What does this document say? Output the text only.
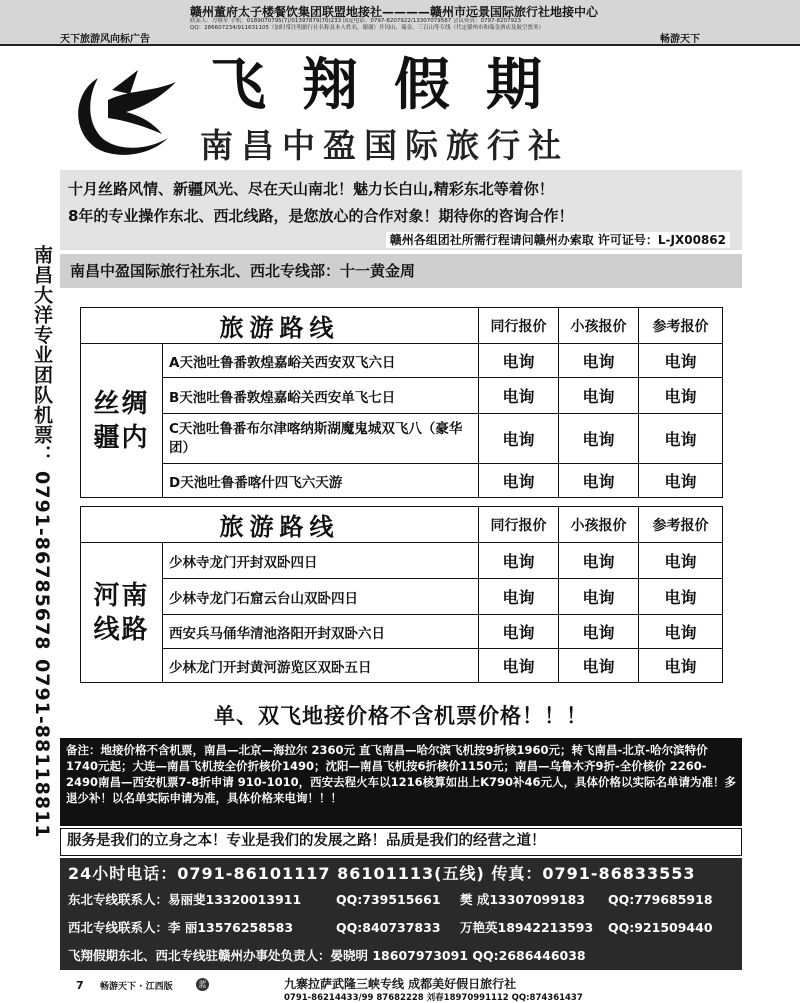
赣州董府太子楼餐饮集团联盟地接社————赣州市远景国际旅行社地接中心
联系人：方继军 手机：0189070795(7)/01397879(70)233 国定电话：0797-8207922/13307079587 会议传真：0797-8207923
QQ：286607234/911631105（加时常注明旅行社名称及本人姓名，谢谢）井冈山、瑞金、三百山等专线（代定赣州市和瑞金酒店及航空票务）
天下旅游风向标广告	畅游天下
南昌大洋专业团队机票：
0791-86785678
0791-88118811
飞翔假期
南昌中盈国际旅行社

十月丝路风情、新疆风光、尽在天山南北！魅力长白山,精彩东北等着你！

8年的专业操作东北、西北线路，是您放心的合作对象！期待你的咨询合作！

赣州各组团社所需行程请问赣州办索取 许可证号：L-JX00862
南昌中盈国际旅行社东北、西北专线部：十一黄金周
旅游路线		同行报价	小孩报价	参考报价
丝绸疆内	A天池吐鲁番敦煌嘉峪关西安双飞六日	电询	电询	电询
	B天池吐鲁番敦煌嘉峪关西安单飞七日	电询	电询	电询
	C天池吐鲁番布尔津喀纳斯湖魔鬼城双飞八（豪华团）	电询	电询	电询
	D天池吐鲁番喀什四飞六天游	电询	电询	电询
旅游路线		同行报价	小孩报价	参考报价
河南线路	少林寺龙门开封双卧四日	电询	电询	电询
	少林寺龙门石窟云台山双卧四日	电询	电询	电询
	西安兵马俑华清池洛阳开封双卧六日	电询	电询	电询
	少林龙门开封黄河游览区双卧五日	电询	电询	电询
单、双飞地接价格不含机票价格！！！
备注：地接价格不含机票，南昌—北京—海拉尔 2360元 直飞南昌—哈尔滨飞机按9折核1960元；转飞南昌-北京-哈尔滨特价1740元起；大连—南昌飞机按全价折核价1490；沈阳—南昌飞机按6折核价1150元；南昌—乌鲁木齐9折-全价核价 2260-2490南昌—西安机票7-8折申请 910-1010，西安去程火车以1216核算如出上K790补46元人，具体价格以实际名单请为准！多退少补！以名单实际申请为准，具体价格来电询！！！
服务是我们的立身之本！专业是我们的发展之路！品质是我们的经营之道！
24小时电话：0791-86101117 86101113(五线) 传真：0791-86833553
东北专线联系人：易丽斐13320013911	QQ:739515661 樊 成13307099183 QQ:779685918
西北专线联系人：李 丽13576258583	QQ:840737833 万艳英18942213593 QQ:921509440
飞翔假期东北、西北专线驻赣州办事处负责人：晏晓明 18607973091 QQ:2686446038
7 畅游天下 · 江西版	蓝	九寨拉萨武隆三峡专线 成都美好假日旅行社
0791-86214433/99 87682228 刘春18970991112 QQ:874361437
